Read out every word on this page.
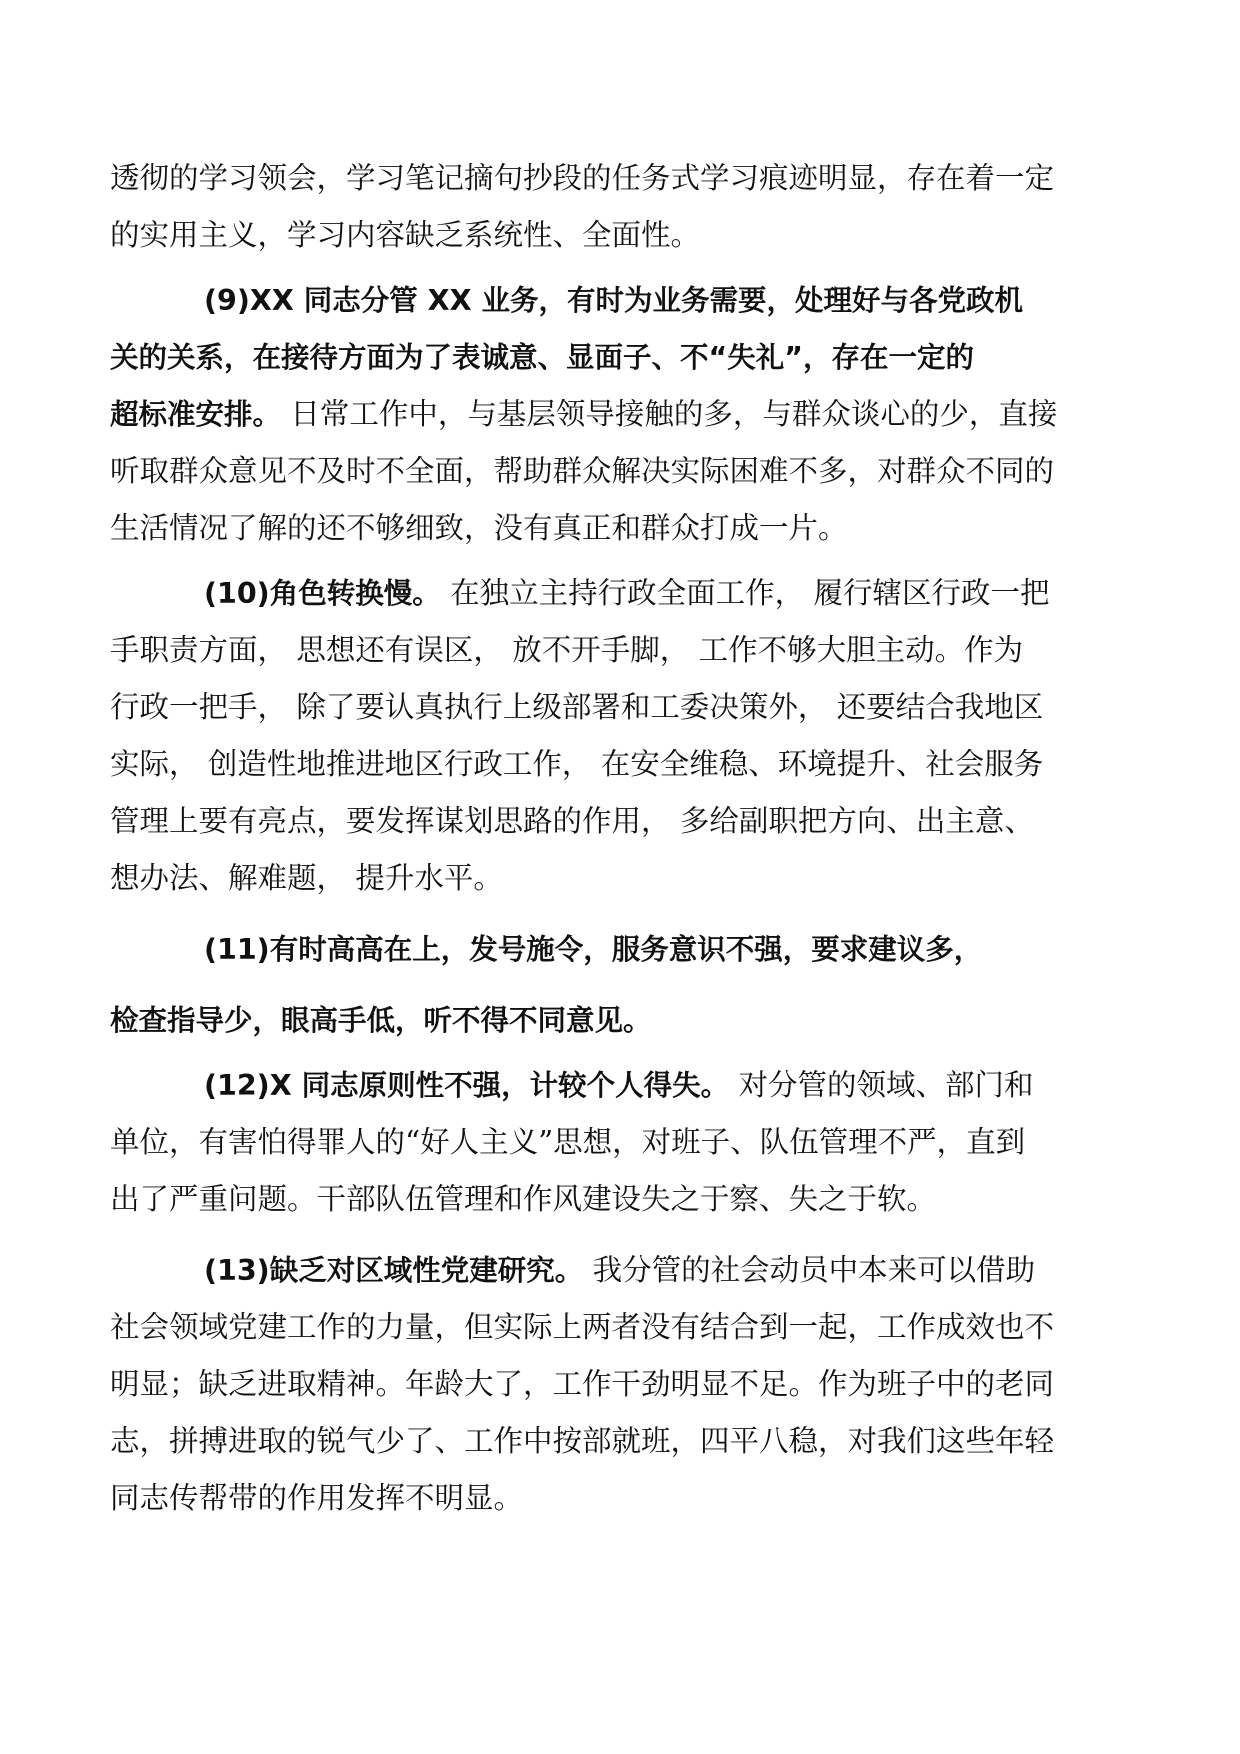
透彻的学习领会，学习笔记摘句抄段的任务式学习痕迹明显，存在着一定
的实用主义，学习内容缺乏系统性、全面性。
(9)XX 同志分管 XX 业务，有时为业务需要，处理好与各党政机
关的关系，在接待方面为了表诚意、显面子、不“失礼”，存在一定的
超标准安排。 日常工作中，与基层领导接触的多，与群众谈心的少，直接
听取群众意见不及时不全面，帮助群众解决实际困难不多，对群众不同的
生活情况了解的还不够细致，没有真正和群众打成一片。
(10)角色转换慢。 在独立主持行政全面工作， 履行辖区行政一把
手职责方面， 思想还有误区， 放不开手脚， 工作不够大胆主动。作为
行政一把手， 除了要认真执行上级部署和工委决策外， 还要结合我地区
实际， 创造性地推进地区行政工作， 在安全维稳、环境提升、社会服务
管理上要有亮点，要发挥谋划思路的作用， 多给副职把方向、出主意、
想办法、解难题， 提升水平。
(11)有时高高在上，发号施令，服务意识不强，要求建议多，
检查指导少，眼高手低，听不得不同意见。
(12)X 同志原则性不强，计较个人得失。 对分管的领域、部门和
单位，有害怕得罪人的“好人主义”思想，对班子、队伍管理不严，直到
出了严重问题。干部队伍管理和作风建设失之于察、失之于软。
(13)缺乏对区域性党建研究。 我分管的社会动员中本来可以借助
社会领域党建工作的力量，但实际上两者没有结合到一起，工作成效也不
明显；缺乏进取精神。年龄大了，工作干劲明显不足。作为班子中的老同
志，拼搏进取的锐气少了、工作中按部就班，四平八稳，对我们这些年轻
同志传帮带的作用发挥不明显。
